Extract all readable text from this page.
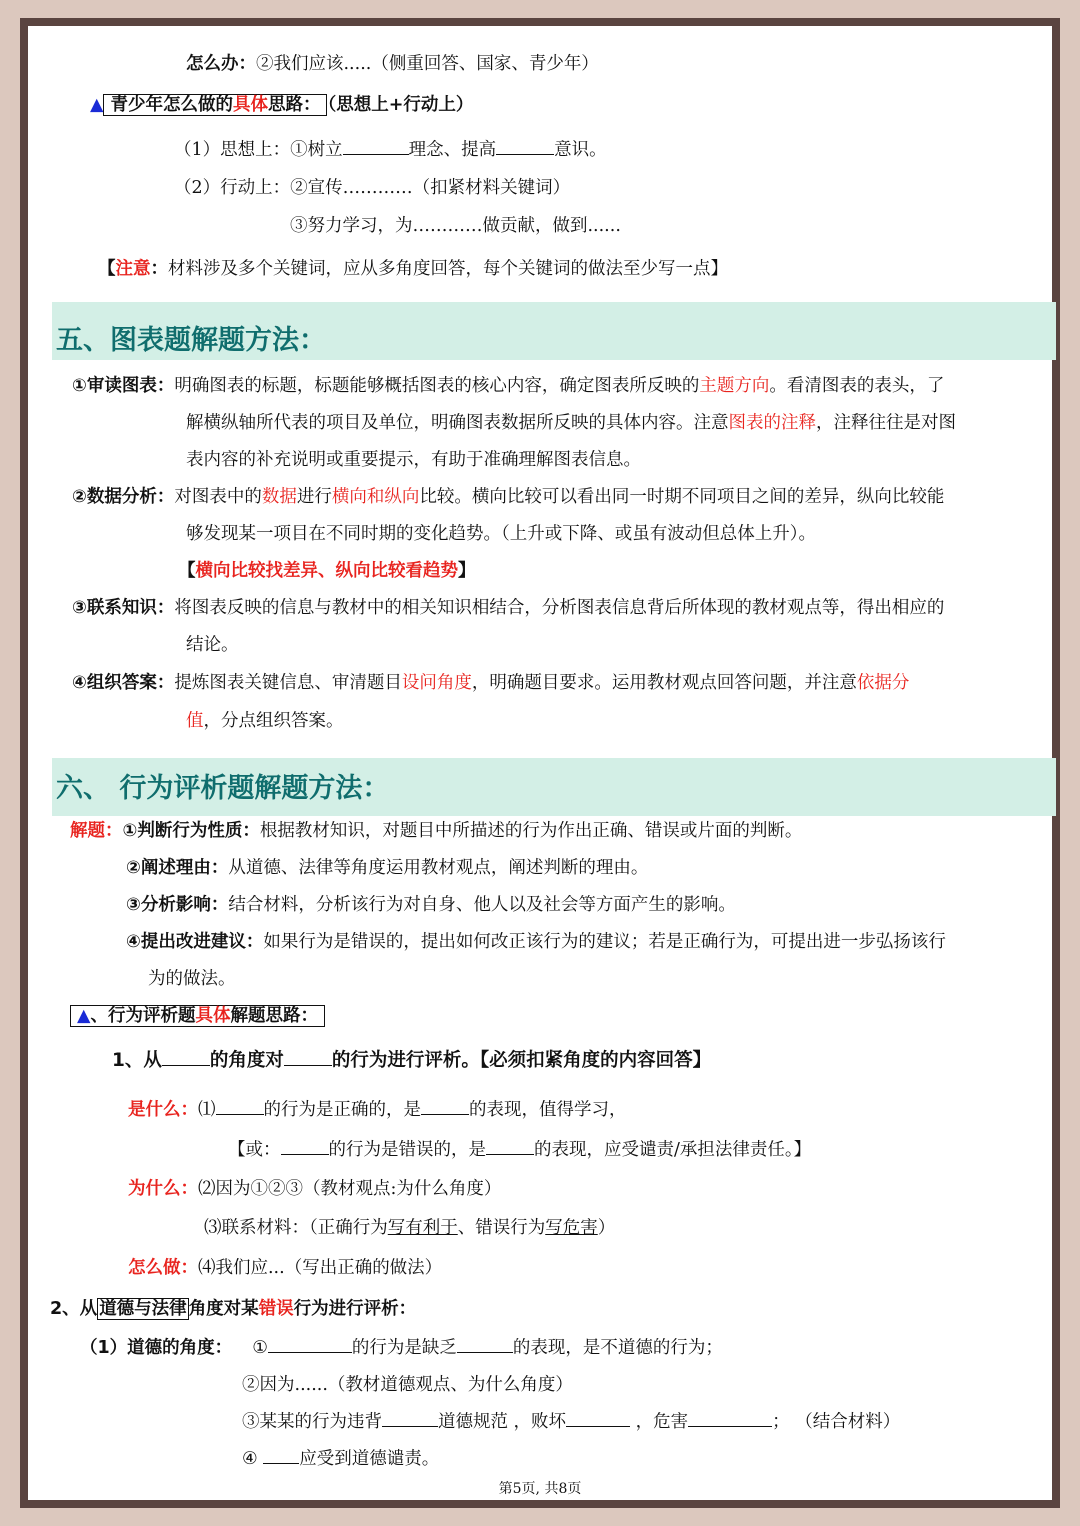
怎么办：②我们应该.....（侧重回答、国家、青少年）
▲ 青少年怎么做的具体思路： （思想上+行动上）
（1）思想上：①树立	理念、提高	意识。
（2）行动上：②宣传…………（扣紧材料关键词）
③努力学习，为…………做贡献，做到......
【注意：材料涉及多个关键词，应从多角度回答，每个关键词的做法至少写一点】
五、图表题解题方法：
①审读图表：明确图表的标题，标题能够概括图表的核心内容，确定图表所反映的主题方向。看清图表的表头，了
解横纵轴所代表的项目及单位，明确图表数据所反映的具体内容。注意图表的注释，注释往往是对图
表内容的补充说明或重要提示，有助于准确理解图表信息。
②数据分析：对图表中的数据进行横向和纵向比较。横向比较可以看出同一时期不同项目之间的差异，纵向比较能
够发现某一项目在不同时期的变化趋势。（上升或下降、或虽有波动但总体上升）。
【横向比较找差异、纵向比较看趋势】
③联系知识：将图表反映的信息与教材中的相关知识相结合，分析图表信息背后所体现的教材观点等，得出相应的
结论。
④组织答案：提炼图表关键信息、审清题目设问角度，明确题目要求。运用教材观点回答问题，并注意依据分
值，分点组织答案。
六、 行为评析题解题方法：
解题：①判断行为性质：根据教材知识，对题目中所描述的行为作出正确、错误或片面的判断。
②阐述理由：从道德、法律等角度运用教材观点，阐述判断的理由。
③分析影响：结合材料，分析该行为对自身、他人以及社会等方面产生的影响。
④提出改进建议：如果行为是错误的，提出如何改正该行为的建议；若是正确行为，可提出进一步弘扬该行
为的做法。
▲、行为评析题具体解题思路：
1、从	的角度对	的行为进行评析。【必须扣紧角度的内容回答】
是什么：⑴	的行为是正确的，是	的表现，值得学习，
【或：	的行为是错误的，是	的表现，应受谴责/承担法律责任。】
为什么：⑵因为①②③（教材观点:为什么角度）
⑶联系材料：（正确行为写有利于、错误行为写危害）
怎么做：⑷我们应...（写出正确的做法）
2、从 道德与法律 角度对某错误行为进行评析：
（1）道德的角度： ①	的行为是缺乏	的表现，是不道德的行为；
②因为......（教材道德观点、为什么角度）
③某某的行为违背	道德规范 ，败坏	，危害	； （结合材料）
④ 应受到道德谴责。
第5页, 共8页
